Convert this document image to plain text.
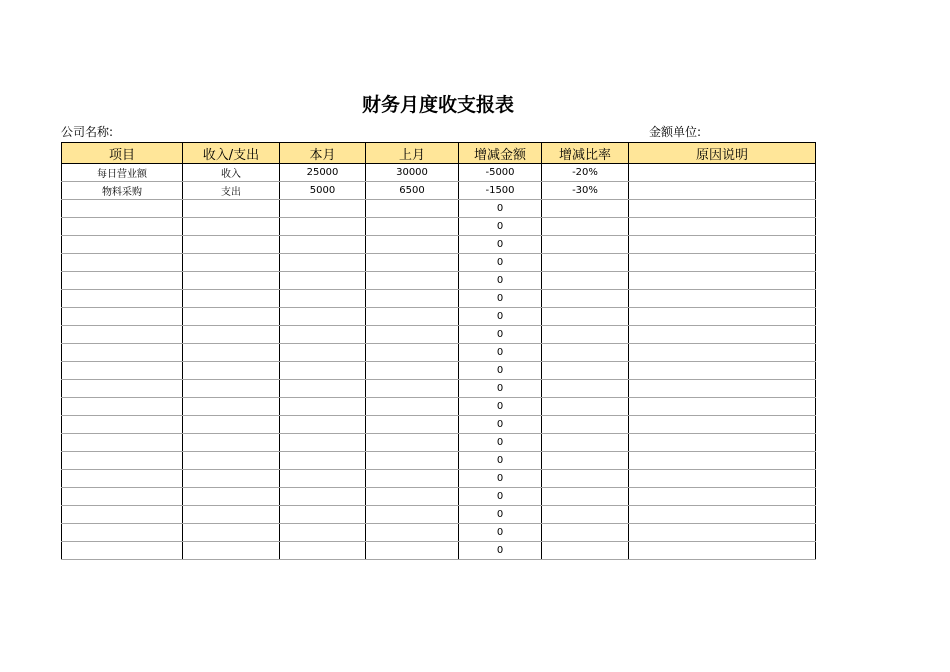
财务月度收支报表
公司名称:	金额单位:
项目	收入/支出	本月	上月	增减金额	增减比率	原因说明
每日营业额	收入	25000	30000	-5000	-20%	
物料采购	支出	5000	6500	-1500	-30%	
				0		
				0		
				0		
				0		
				0		
				0		
				0		
				0		
				0		
				0		
				0		
				0		
				0		
				0		
				0		
				0		
				0		
				0		
				0		
				0		
